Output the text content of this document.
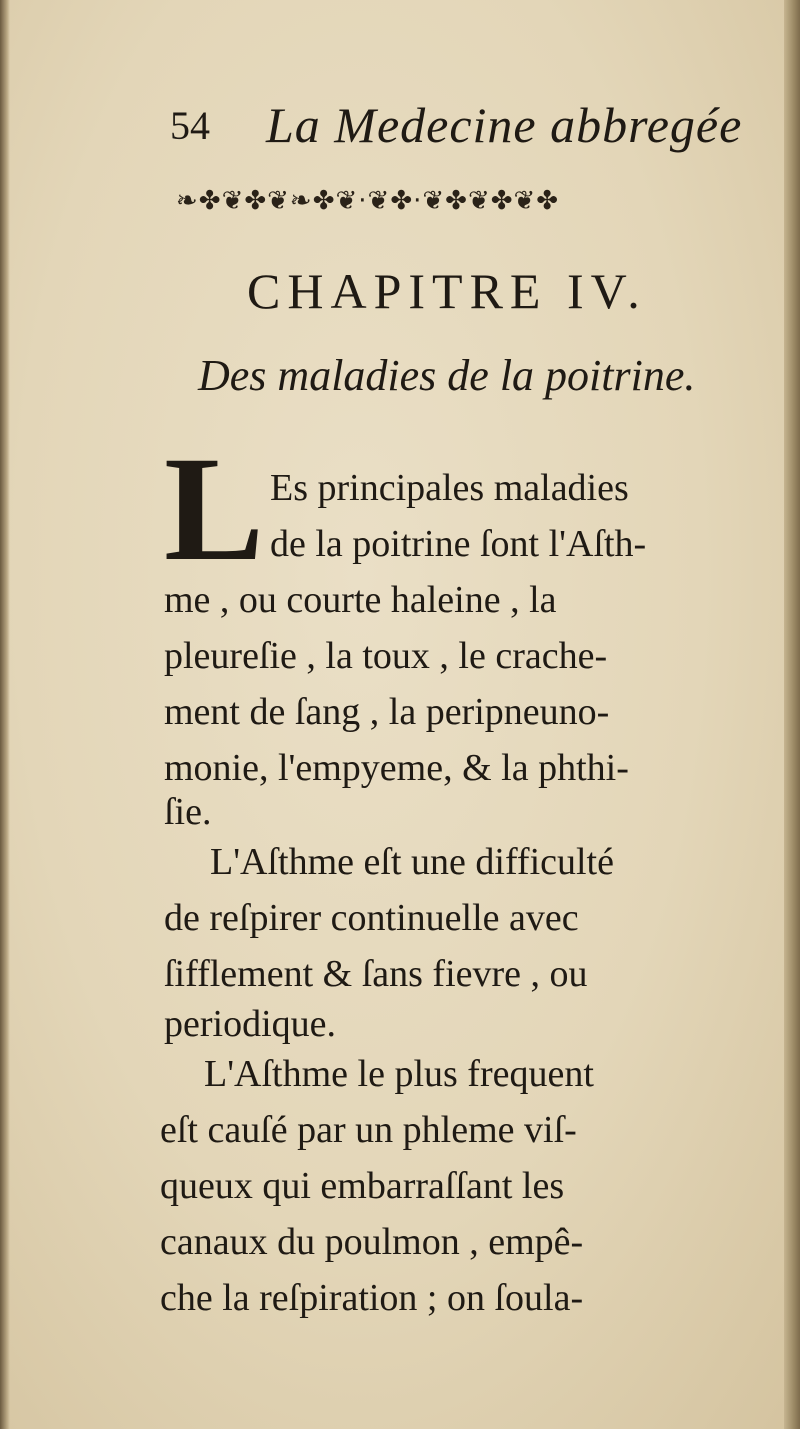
54 La Medecine abbregée
❧✤❦✤❦❧✤❦·❦✤·❦✤❦✤❦✤
CHAPITRE IV.
Des maladies de la poitrine.
L Es principales maladies
de la poitrine ſont l'Aſth-
me , ou courte haleine , la
pleureſie , la toux , le crache-
ment de ſang , la peripneuno-
monie, l'empyeme, & la phthi-
ſie.
L'Aſthme eſt une difficulté
de reſpirer continuelle avec
ſifflement & ſans fievre , ou
periodique.
L'Aſthme le plus frequent
eſt cauſé par un phleme viſ-
queux qui embarraſſant les
canaux du poulmon , empê-
che la reſpiration ; on ſoula-
